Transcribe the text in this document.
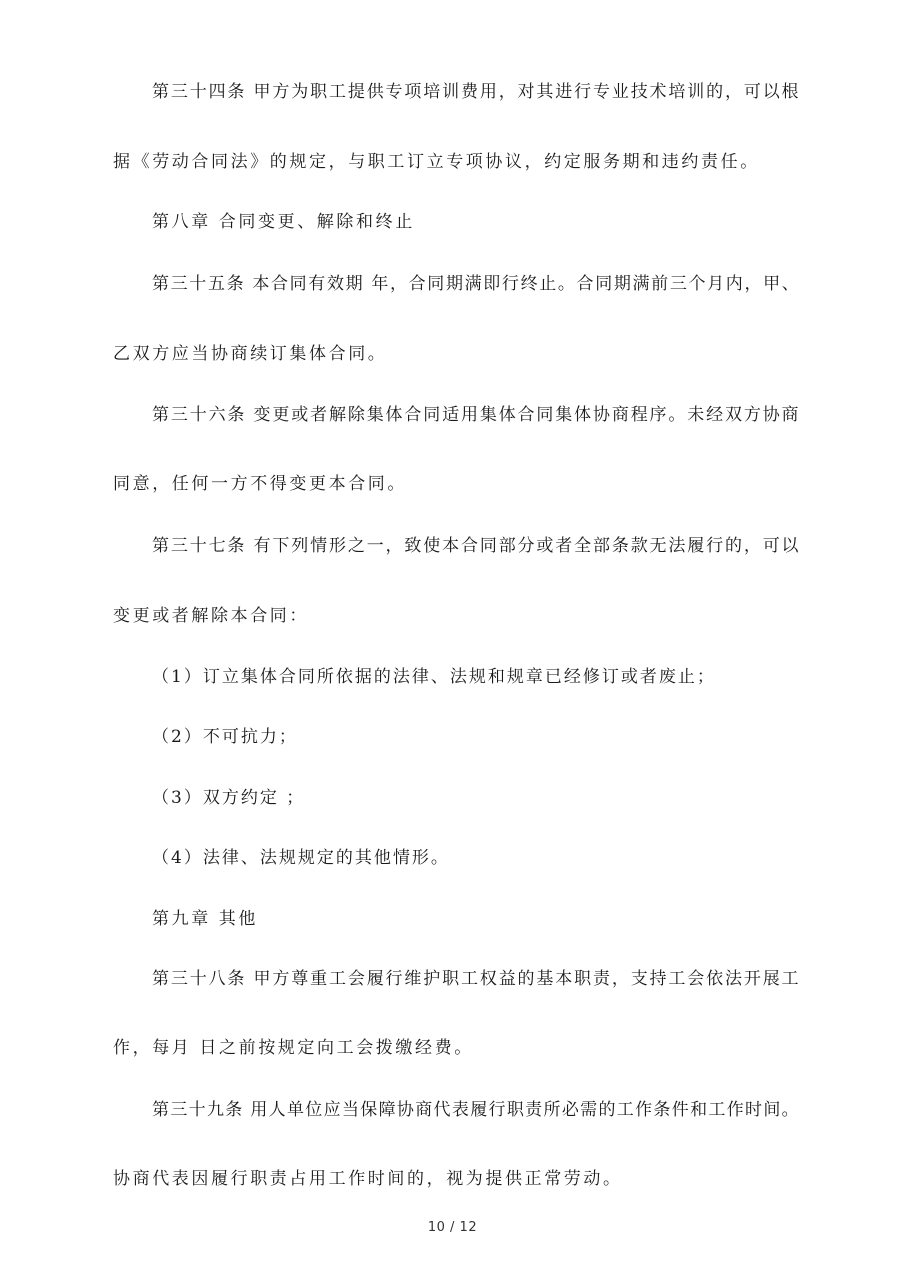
第三十四条 甲方为职工提供专项培训费用，对其进行专业技术培训的，可以根
据《劳动合同法》的规定，与职工订立专项协议，约定服务期和违约责任。
第八章 合同变更、解除和终止
第三十五条 本合同有效期 年，合同期满即行终止。合同期满前三个月内，甲、
乙双方应当协商续订集体合同。
第三十六条 变更或者解除集体合同适用集体合同集体协商程序。未经双方协商
同意，任何一方不得变更本合同。
第三十七条 有下列情形之一，致使本合同部分或者全部条款无法履行的，可以
变更或者解除本合同：
（1）订立集体合同所依据的法律、法规和规章已经修订或者废止；
（2）不可抗力；
（3）双方约定 ；
（4）法律、法规规定的其他情形。
第九章 其他
第三十八条 甲方尊重工会履行维护职工权益的基本职责，支持工会依法开展工
作，每月 日之前按规定向工会拨缴经费。
第三十九条 用人单位应当保障协商代表履行职责所必需的工作条件和工作时间。
协商代表因履行职责占用工作时间的，视为提供正常劳动。
10 / 12
